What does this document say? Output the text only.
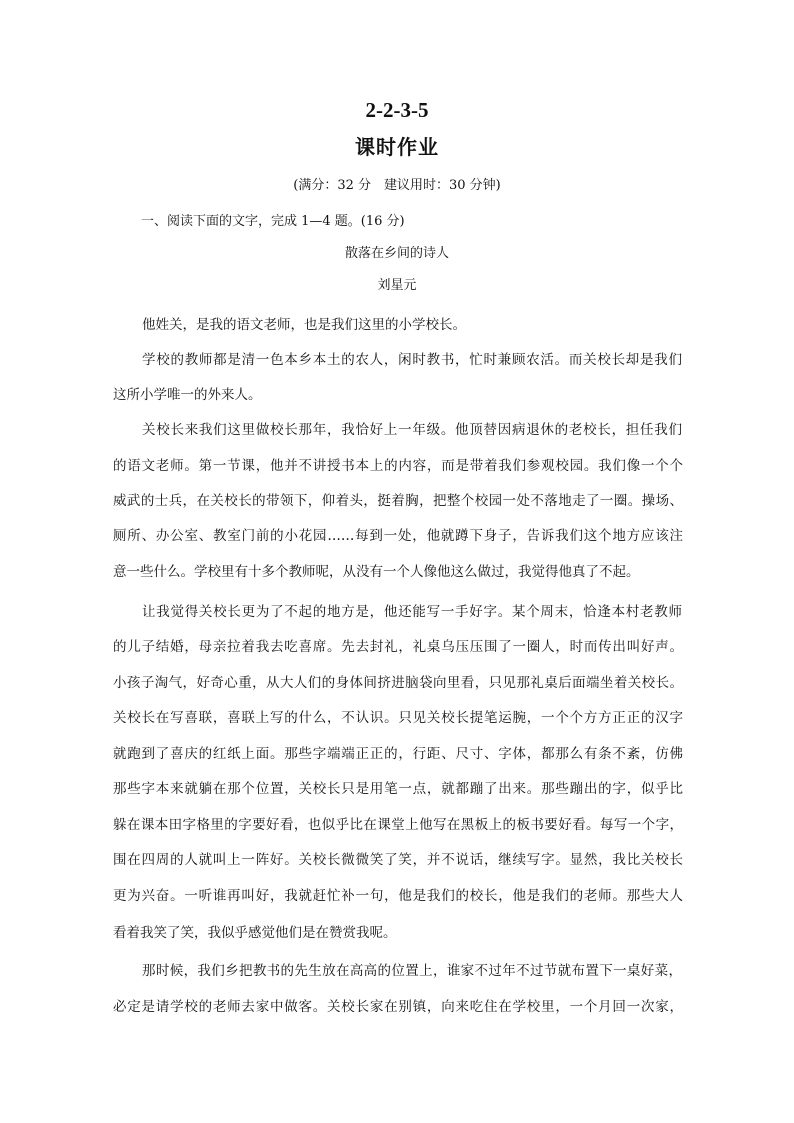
2-2-3-5
课时作业
(满分：32 分　建议用时：30 分钟)
一、阅读下面的文字，完成 1—4 题。(16 分)
散落在乡间的诗人
刘星元
他姓关，是我的语文老师，也是我们这里的小学校长。
学校的教师都是清一色本乡本土的农人，闲时教书，忙时兼顾农活。而关校长却是我们
这所小学唯一的外来人。
关校长来我们这里做校长那年，我恰好上一年级。他顶替因病退休的老校长，担任我们
的语文老师。第一节课，他并不讲授书本上的内容，而是带着我们参观校园。我们像一个个
威武的士兵，在关校长的带领下，仰着头，挺着胸，把整个校园一处不落地走了一圈。操场、
厕所、办公室、教室门前的小花园……每到一处，他就蹲下身子，告诉我们这个地方应该注
意一些什么。学校里有十多个教师呢，从没有一个人像他这么做过，我觉得他真了不起。
让我觉得关校长更为了不起的地方是，他还能写一手好字。某个周末，恰逢本村老教师
的儿子结婚，母亲拉着我去吃喜席。先去封礼，礼桌乌压压围了一圈人，时而传出叫好声。
小孩子淘气，好奇心重，从大人们的身体间挤进脑袋向里看，只见那礼桌后面端坐着关校长。
关校长在写喜联，喜联上写的什么，不认识。只见关校长提笔运腕，一个个方方正正的汉字
就跑到了喜庆的红纸上面。那些字端端正正的，行距、尺寸、字体，都那么有条不紊，仿佛
那些字本来就躺在那个位置，关校长只是用笔一点，就都蹦了出来。那些蹦出的字，似乎比
躲在课本田字格里的字要好看，也似乎比在课堂上他写在黑板上的板书要好看。每写一个字，
围在四周的人就叫上一阵好。关校长微微笑了笑，并不说话，继续写字。显然，我比关校长
更为兴奋。一听谁再叫好，我就赶忙补一句，他是我们的校长，他是我们的老师。那些大人
看着我笑了笑，我似乎感觉他们是在赞赏我呢。
那时候，我们乡把教书的先生放在高高的位置上，谁家不过年不过节就布置下一桌好菜，
必定是请学校的老师去家中做客。关校长家在别镇，向来吃住在学校里，一个月回一次家，
